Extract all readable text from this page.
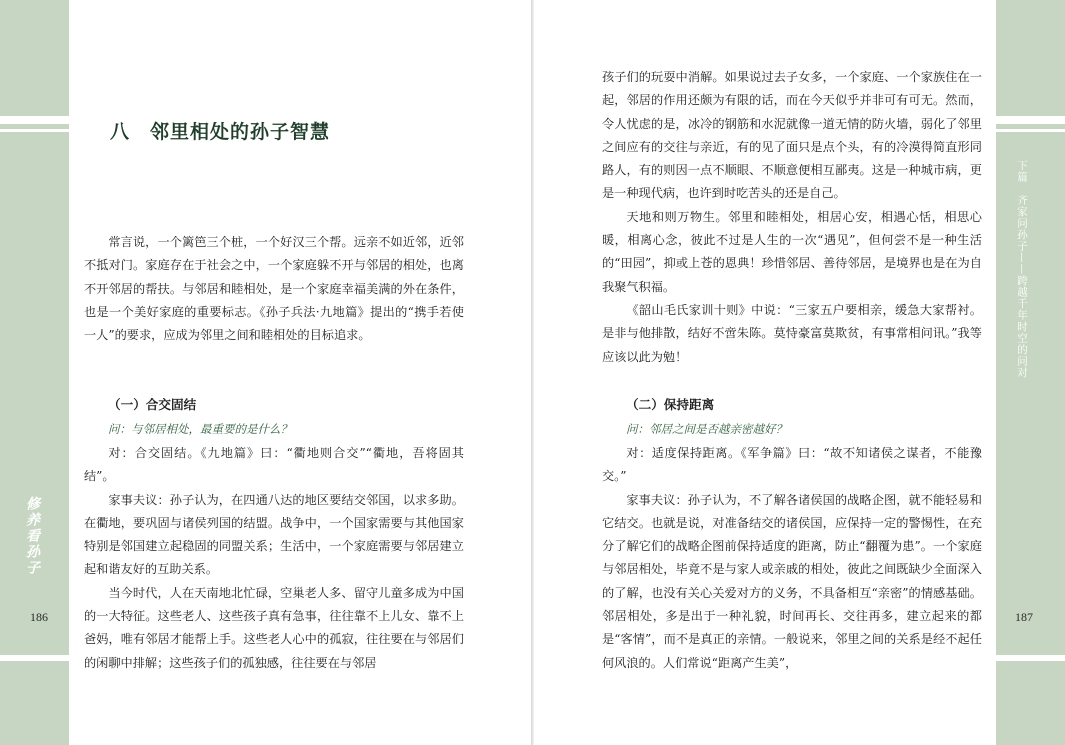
修养看孙子
186
下篇　齐家问孙子——跨越千年时空的问对
187
八　邻里相处的孙子智慧

常言说，一个篱笆三个桩，一个好汉三个帮。远亲不如近邻，近邻不抵对门。家庭存在于社会之中，一个家庭躲不开与邻居的相处，也离不开邻居的帮扶。与邻居和睦相处，是一个家庭幸福美满的外在条件，也是一个美好家庭的重要标志。《孙子兵法·九地篇》提出的“携手若使一人”的要求，应成为邻里之间和睦相处的目标追求。

（一）合交固结
问：与邻居相处，最重要的是什么？

对：合交固结。《九地篇》曰：“衢地则合交”“衢地，吾将固其结”。

家事夫议：孙子认为，在四通八达的地区要结交邻国，以求多助。在衢地，要巩固与诸侯列国的结盟。战争中，一个国家需要与其他国家特别是邻国建立起稳固的同盟关系；生活中，一个家庭需要与邻居建立起和谐友好的互助关系。

当今时代，人在天南地北忙碌，空巢老人多、留守儿童多成为中国的一大特征。这些老人、这些孩子真有急事，往往靠不上儿女、靠不上爸妈，唯有邻居才能帮上手。这些老人心中的孤寂，往往要在与邻居们的闲聊中排解；这些孩子们的孤独感，往往要在与邻居

孩子们的玩耍中消解。如果说过去子女多，一个家庭、一个家族住在一起，邻居的作用还颇为有限的话，而在今天似乎并非可有可无。然而，令人忧虑的是，冰冷的钢筋和水泥就像一道无情的防火墙，弱化了邻里之间应有的交往与亲近，有的见了面只是点个头，有的冷漠得简直形同路人，有的则因一点不顺眼、不顺意便相互鄙夷。这是一种城市病，更是一种现代病，也许到时吃苦头的还是自己。

天地和则万物生。邻里和睦相处，相居心安，相遇心恬，相思心暖，相离心念，彼此不过是人生的一次“遇见”，但何尝不是一种生活的“田园”，抑或上苍的恩典！珍惜邻居、善待邻居，是境界也是在为自我聚气积福。

《韶山毛氏家训十则》中说：“三家五户要相亲，缓急大家帮衬。是非与他排散，结好不啻朱陈。莫恃豪富莫欺贫，有事常相问讯。”我等应该以此为勉！

（二）保持距离
问：邻居之间是否越亲密越好？

对：适度保持距离。《军争篇》曰：“故不知诸侯之谋者，不能豫交。”

家事夫议：孙子认为，不了解各诸侯国的战略企图，就不能轻易和它结交。也就是说，对准备结交的诸侯国，应保持一定的警惕性，在充分了解它们的战略企图前保持适度的距离，防止“翻覆为患”。一个家庭与邻居相处，毕竟不是与家人或亲戚的相处，彼此之间既缺少全面深入的了解，也没有关心关爱对方的义务，不具备相互“亲密”的情感基础。邻居相处，多是出于一种礼貌，时间再长、交往再多，建立起来的都是“客情”，而不是真正的亲情。一般说来，邻里之间的关系是经不起任何风浪的。人们常说“距离产生美”，
